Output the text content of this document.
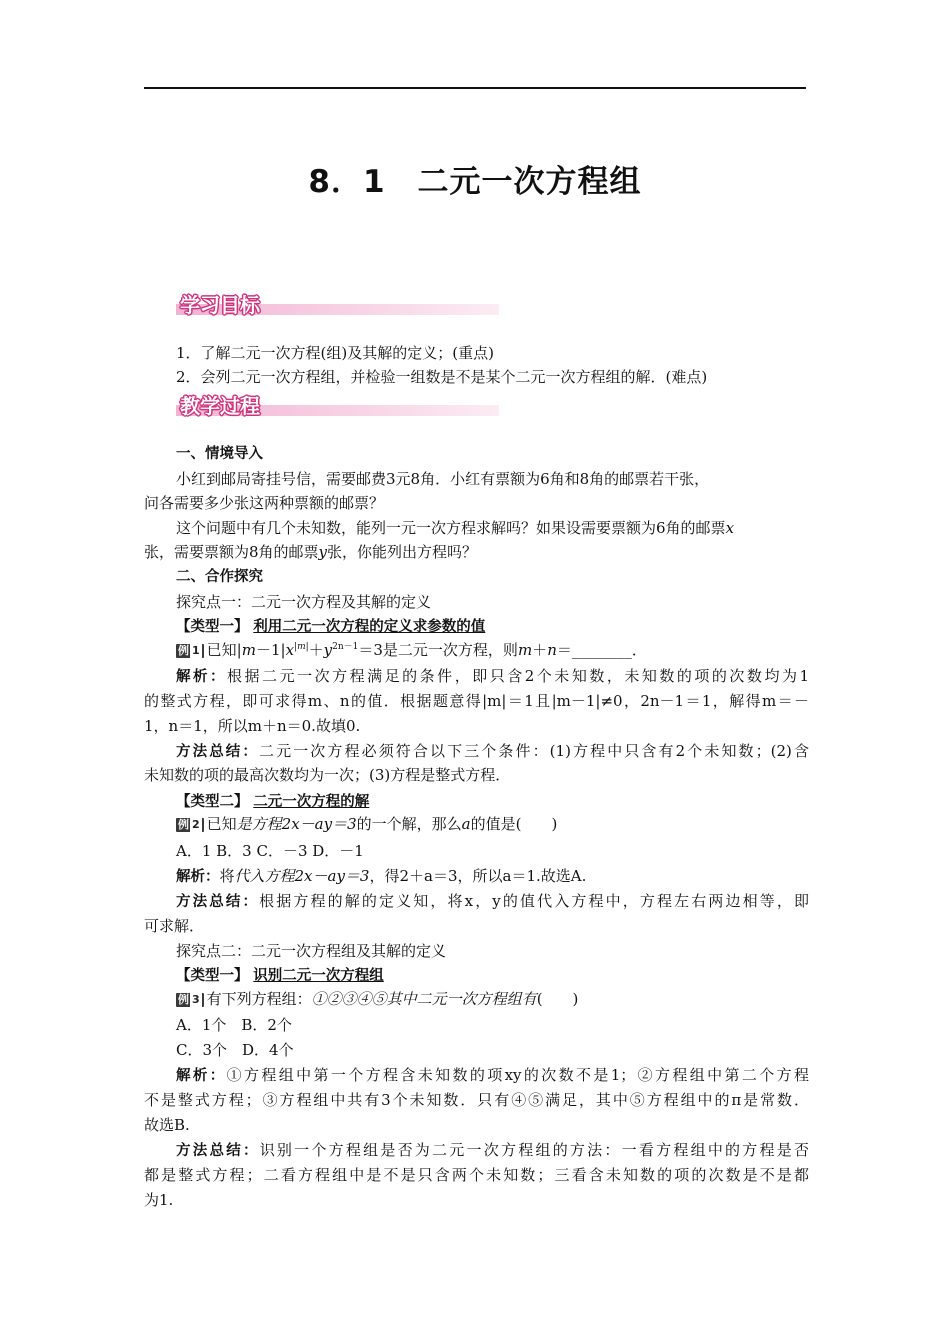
8．1　二元一次方程组
学习目标
1．了解二元一次方程(组)及其解的定义；(重点)
2．会列二元一次方程组，并检验一组数是不是某个二元一次方程组的解．(难点)
教学过程
一、情境导入
小红到邮局寄挂号信，需要邮费3元8角．小红有票额为6角和8角的邮票若干张，
问各需要多少张这两种票额的邮票？
这个问题中有几个未知数，能列一元一次方程求解吗？如果设需要票额为6角的邮票x
张，需要票额为8角的邮票y张，你能列出方程吗？
二、合作探究
探究点一：二元一次方程及其解的定义
【类型一】 利用二元一次方程的定义求参数的值
例 1 已知$|m-1|x^{|m|}+y^{2n-1}=3$是二元一次方程，则m＋n＝________．
解析：根据二元一次方程满足的条件，即只含2个未知数，未知数的项的次数均为1
的整式方程，即可求得m、n的值．根据题意得|m|＝1且|m－1|≠0，2n－1＝1，解得m＝－
1，n＝1，所以m＋n＝0.故填0.
方法总结：二元一次方程必须符合以下三个条件：(1)方程中只含有2个未知数；(2)含
未知数的项的最高次数均为一次；(3)方程是整式方程．
【类型二】 二元一次方程的解
例 2 已知是方程2x－ay＝3的一个解，那么a的值是(　　)
A．1 B．3 C．－3 D．－1
解析：将代入方程2x－ay＝3，得2＋a＝3，所以a＝1.故选A.
方法总结：根据方程的解的定义知，将x，y的值代入方程中，方程左右两边相等，即
可求解．
探究点二：二元一次方程组及其解的定义
【类型一】 识别二元一次方程组
例 3 有下列方程组：①②③④⑤其中二元一次方程组有(　　)
A．1个　B．2个
C．3个　D．4个
解析：①方程组中第一个方程含未知数的项xy的次数不是1；②方程组中第二个方程
不是整式方程；③方程组中共有3个未知数．只有④⑤满足，其中⑤方程组中的π是常数．
故选B.
方法总结：识别一个方程组是否为二元一次方程组的方法：一看方程组中的方程是否
都是整式方程；二看方程组中是不是只含两个未知数；三看含未知数的项的次数是不是都
为1.
